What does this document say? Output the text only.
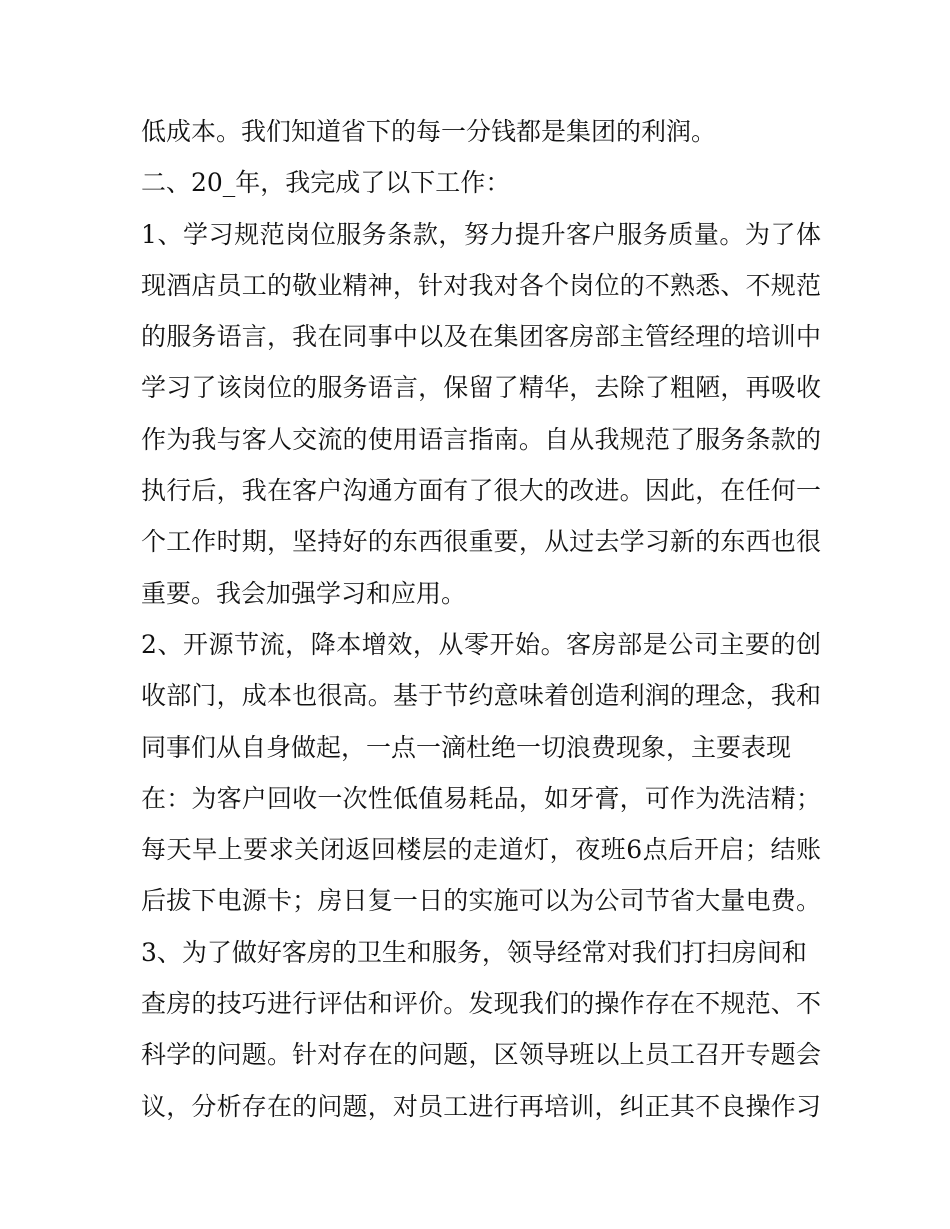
低成本。我们知道省下的每一分钱都是集团的利润。
二、20_年，我完成了以下工作：
1、学习规范岗位服务条款，努力提升客户服务质量。为了体
现酒店员工的敬业精神，针对我对各个岗位的不熟悉、不规范
的服务语言，我在同事中以及在集团客房部主管经理的培训中
学习了该岗位的服务语言，保留了精华，去除了粗陋，再吸收
作为我与客人交流的使用语言指南。自从我规范了服务条款的
执行后，我在客户沟通方面有了很大的改进。因此，在任何一
个工作时期，坚持好的东西很重要，从过去学习新的东西也很
重要。我会加强学习和应用。
2、开源节流，降本增效，从零开始。客房部是公司主要的创
收部门，成本也很高。基于节约意味着创造利润的理念，我和
同事们从自身做起，一点一滴杜绝一切浪费现象，主要表现
在：为客户回收一次性低值易耗品，如牙膏，可作为洗洁精；
每天早上要求关闭返回楼层的走道灯，夜班6点后开启；结账
后拔下电源卡；房日复一日的实施可以为公司节省大量电费。
3、为了做好客房的卫生和服务，领导经常对我们打扫房间和
查房的技巧进行评估和评价。发现我们的操作存在不规范、不
科学的问题。针对存在的问题，区领导班以上员工召开专题会
议，分析存在的问题，对员工进行再培训，纠正其不良操作习
